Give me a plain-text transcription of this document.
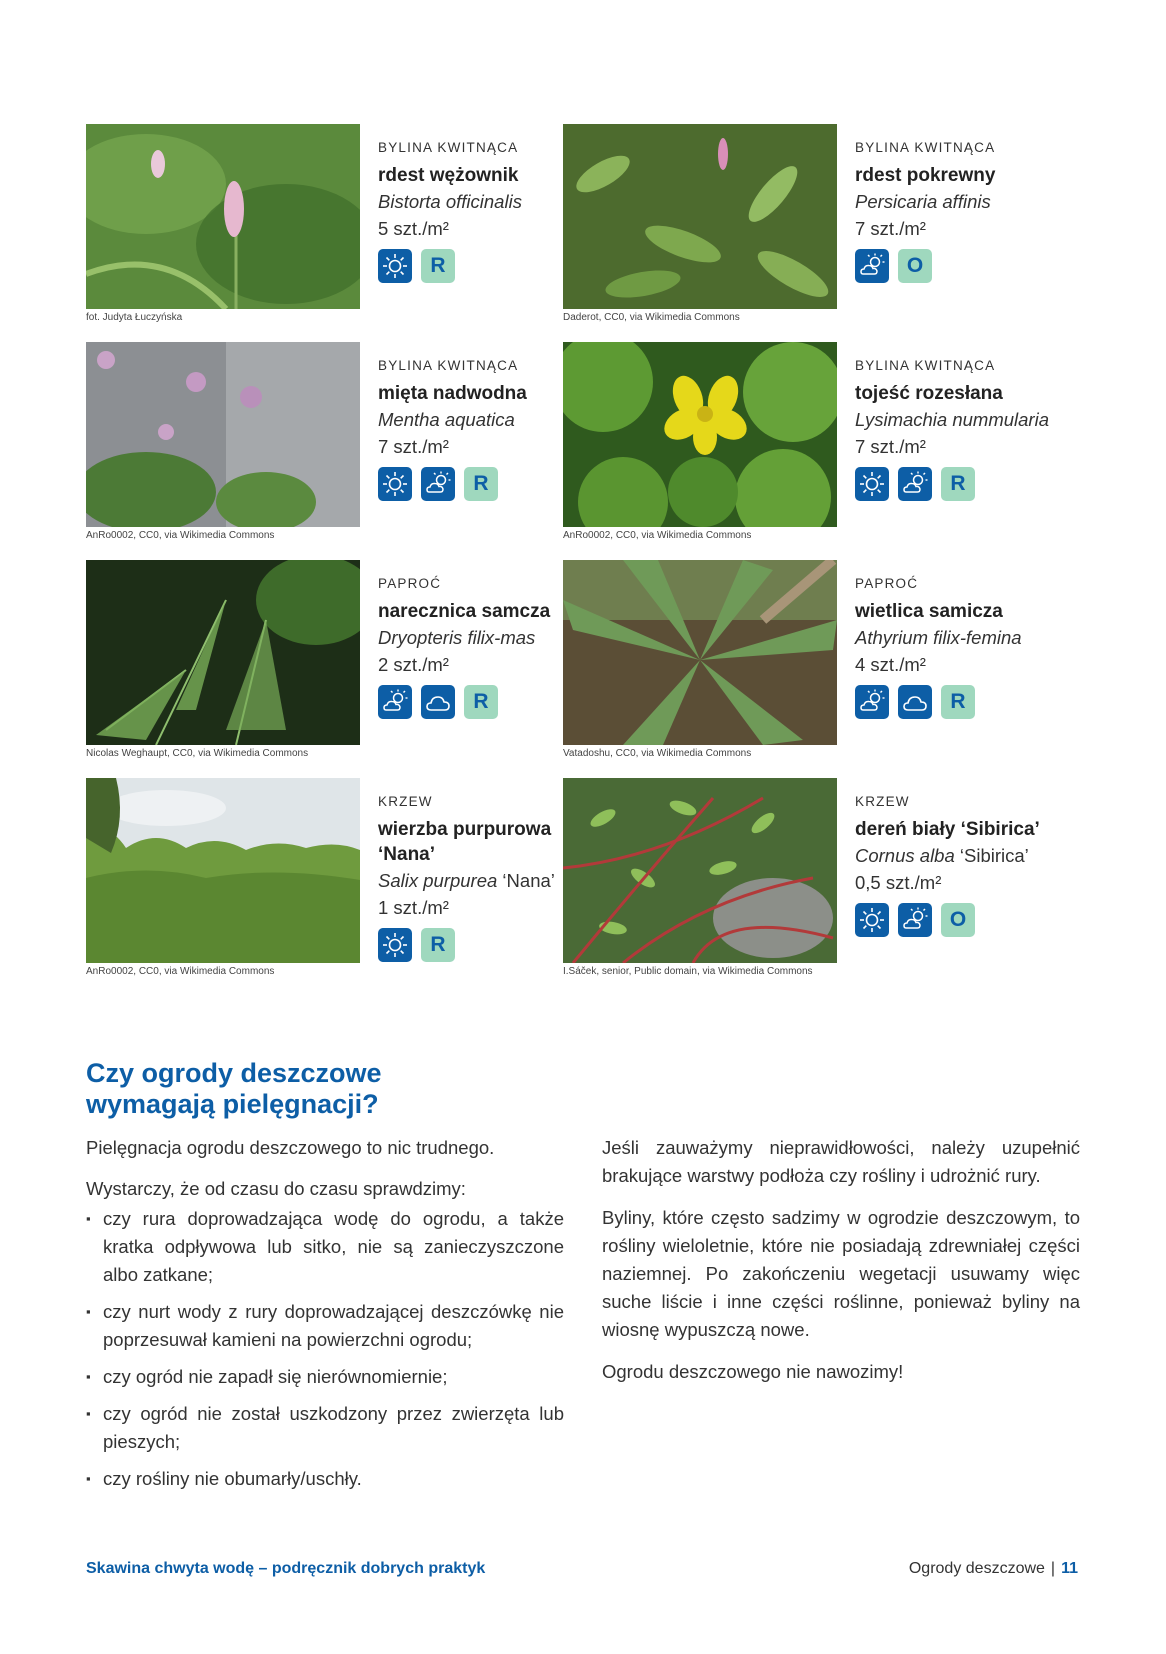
fot. Judyta Łuczyńska
BYLINA KWITNĄCA
rdest wężownik
Bistorta officinalis
5 szt./m²
R
Daderot, CC0, via Wikimedia Commons
BYLINA KWITNĄCA
rdest pokrewny
Persicaria affinis
7 szt./m²
O
AnRo0002, CC0, via Wikimedia Commons
BYLINA KWITNĄCA
mięta nadwodna
Mentha aquatica
7 szt./m²
R
AnRo0002, CC0, via Wikimedia Commons
BYLINA KWITNĄCA
tojeść rozesłana
Lysimachia nummularia
7 szt./m²
R
Nicolas Weghaupt, CC0, via Wikimedia Commons
PAPROĆ
narecznica samcza
Dryopteris filix-mas
2 szt./m²
R
Vatadoshu, CC0, via Wikimedia Commons
PAPROĆ
wietlica samicza
Athyrium filix-femina
4 szt./m²
R
AnRo0002, CC0, via Wikimedia Commons
KRZEW
wierzba purpurowa ‘Nana’
Salix purpurea ‘Nana’
1 szt./m²
R
I.Sáček, senior, Public domain, via Wikimedia Commons
KRZEW
dereń biały ‘Sibirica’
Cornus alba ‘Sibirica’
0,5 szt./m²
O
Czy ogrody deszczowe wymagają pielęgnacji?

Pielęgnacja ogrodu deszczowego to nic trudnego.

Wystarczy, że od czasu do czasu sprawdzimy:

▪ czy rura doprowadzająca wodę do ogrodu, a także kratka odpływowa lub sitko, nie są zanieczyszczone albo zatkane;
▪ czy nurt wody z rury doprowadzającej deszczówkę nie poprzesuwał kamieni na powierzchni ogrodu;
▪ czy ogród nie zapadł się nierównomiernie;
▪ czy ogród nie został uszkodzony przez zwierzęta lub pieszych;
▪ czy rośliny nie obumarły/uschły.

Jeśli zauważymy nieprawidłowości, należy uzupełnić brakujące warstwy podłoża czy rośliny i udrożnić rury.

Byliny, które często sadzimy w ogrodzie deszczowym, to rośliny wieloletnie, które nie posiadają zdrewniałej części naziemnej. Po zakończeniu wegetacji usuwamy więc suche liście i inne części roślinne, ponieważ byliny na wiosnę wypuszczą nowe.

Ogrodu deszczowego nie nawozimy!

Skawina chwyta wodę – podręcznik dobrych praktyk	Ogrody deszczowe | 11
